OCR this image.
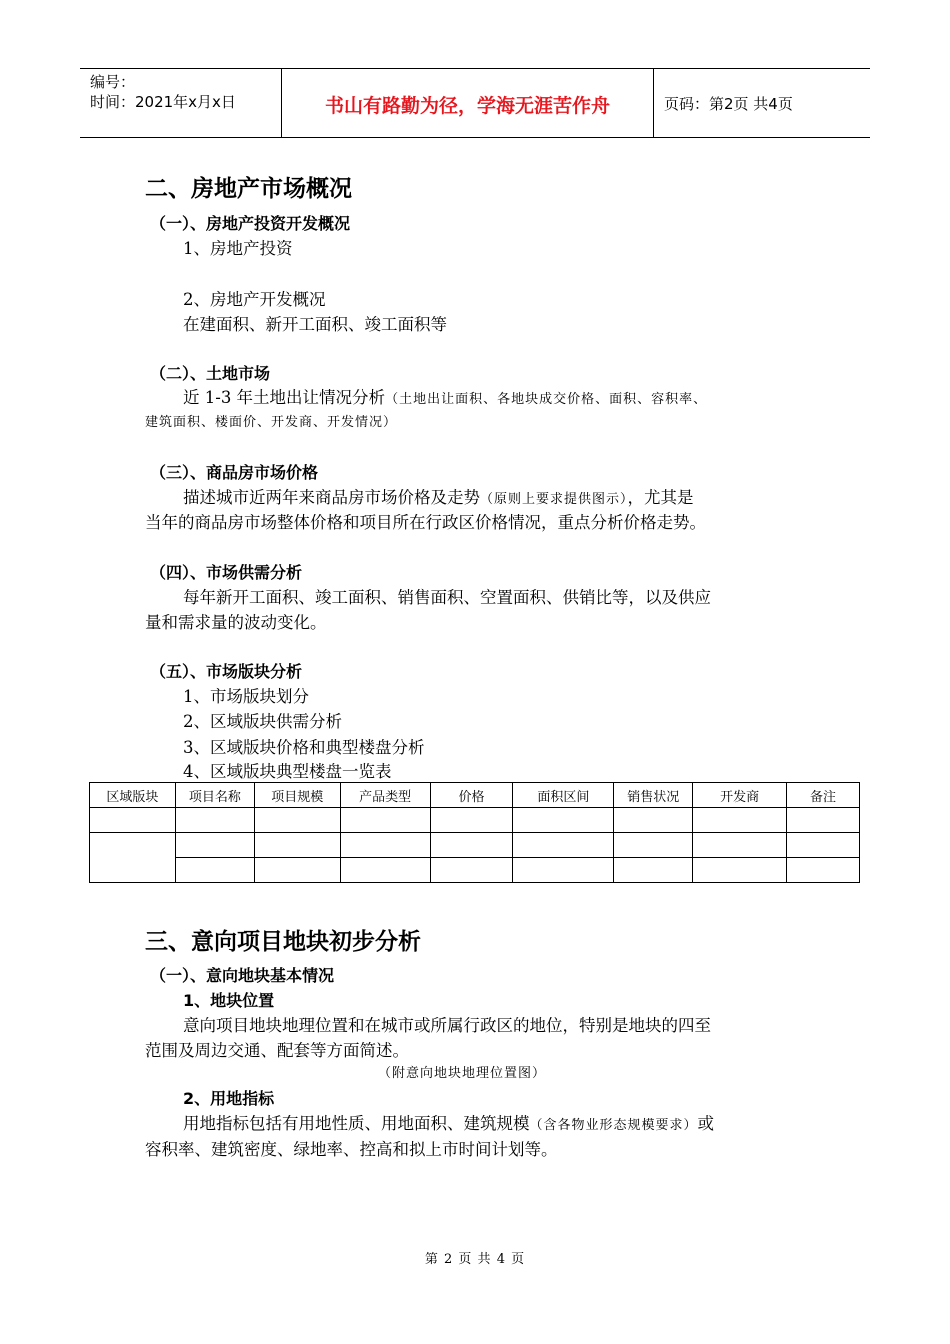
编号：
时间：2021年x月x日	书山有路勤为径，学海无涯苦作舟	页码：第2页 共4页
二、房地产市场概况
（一）、房地产投资开发概况
1、房地产投资
2、房地产开发概况
在建面积、新开工面积、竣工面积等
（二）、土地市场
近 1-3 年土地出让情况分析（土地出让面积、各地块成交价格、面积、容积率、
建筑面积、楼面价、开发商、开发情况）
（三）、商品房市场价格
描述城市近两年来商品房市场价格及走势（原则上要求提供图示），尤其是
当年的商品房市场整体价格和项目所在行政区价格情况，重点分析价格走势。
（四）、市场供需分析
每年新开工面积、竣工面积、销售面积、空置面积、供销比等，以及供应
量和需求量的波动变化。
（五）、市场版块分析
1、市场版块划分
2、区域版块供需分析
3、区域版块价格和典型楼盘分析
4、区域版块典型楼盘一览表
区域版块	项目名称	项目规模	产品类型	价格	面积区间	销售状况	开发商	备注

三、意向项目地块初步分析
（一）、意向地块基本情况
1、地块位置
意向项目地块地理位置和在城市或所属行政区的地位，特别是地块的四至
范围及周边交通、配套等方面简述。
（附意向地块地理位置图）
2、用地指标
用地指标包括有用地性质、用地面积、建筑规模（含各物业形态规模要求）或
容积率、建筑密度、绿地率、控高和拟上市时间计划等。
第 2 页 共 4 页
